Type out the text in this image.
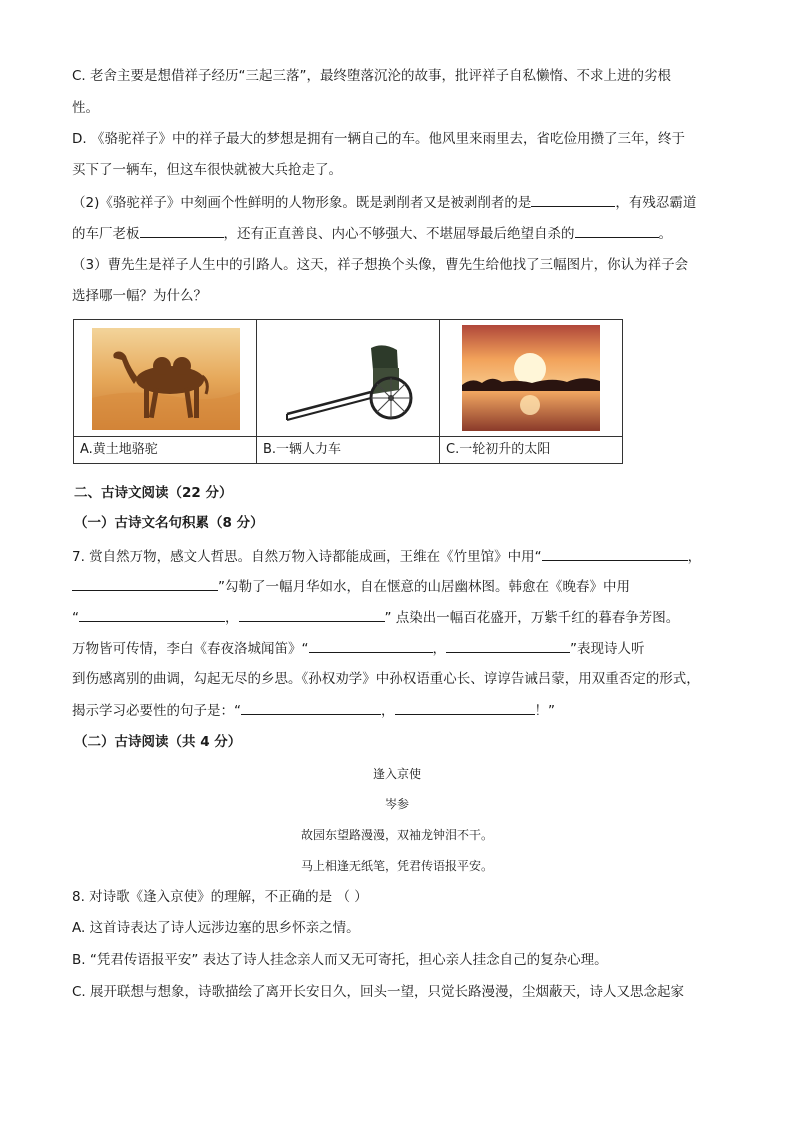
C. 老舍主要是想借祥子经历“三起三落”，最终堕落沉沦的故事，批评祥子自私懒惰、不求上进的劣根
性。
D. 《骆驼祥子》中的祥子最大的梦想是拥有一辆自己的车。他风里来雨里去，省吃俭用攒了三年，终于
买下了一辆车，但这车很快就被大兵抢走了。
（2)《骆驼祥子》中刻画个性鲜明的人物形象。既是剥削者又是被剥削者的是	，有残忍霸道
的车厂老板	，还有正直善良、内心不够强大、不堪屈辱最后绝望自杀的	。
（3）曹先生是祥子人生中的引路人。这天，祥子想换个头像，曹先生给他找了三幅图片，你认为祥子会
选择哪一幅？为什么？

A.黄土地骆驼	B.一辆人力车	C.一轮初升的太阳
二、古诗文阅读（22 分）
（一）古诗文名句积累（8 分）
7. 赏自然万物，感文人哲思。自然万物入诗都能成画，王维在《竹里馆》中用“	，
”勾勒了一幅月华如水，自在惬意的山居幽林图。韩愈在《晚春》中用
“	，	” 点染出一幅百花盛开，万紫千红的暮春争芳图。
万物皆可传情，李白《春夜洛城闻笛》“	，	”表现诗人听
到伤感离别的曲调，勾起无尽的乡思。《孙权劝学》中孙权语重心长、谆谆告诫吕蒙，用双重否定的形式，
揭示学习必要性的句子是：“	，	！”
（二）古诗阅读（共 4 分）
逢入京使
岑参
故园东望路漫漫，双袖龙钟泪不干。
马上相逢无纸笔，凭君传语报平安。
8. 对诗歌《逢入京使》的理解，不正确的是 （ ）
A. 这首诗表达了诗人远涉边塞的思乡怀亲之情。
B. “凭君传语报平安” 表达了诗人挂念亲人而又无可寄托，担心亲人挂念自己的复杂心理。
C. 展开联想与想象，诗歌描绘了离开长安日久，回头一望，只觉长路漫漫，尘烟蔽天，诗人又思念起家
